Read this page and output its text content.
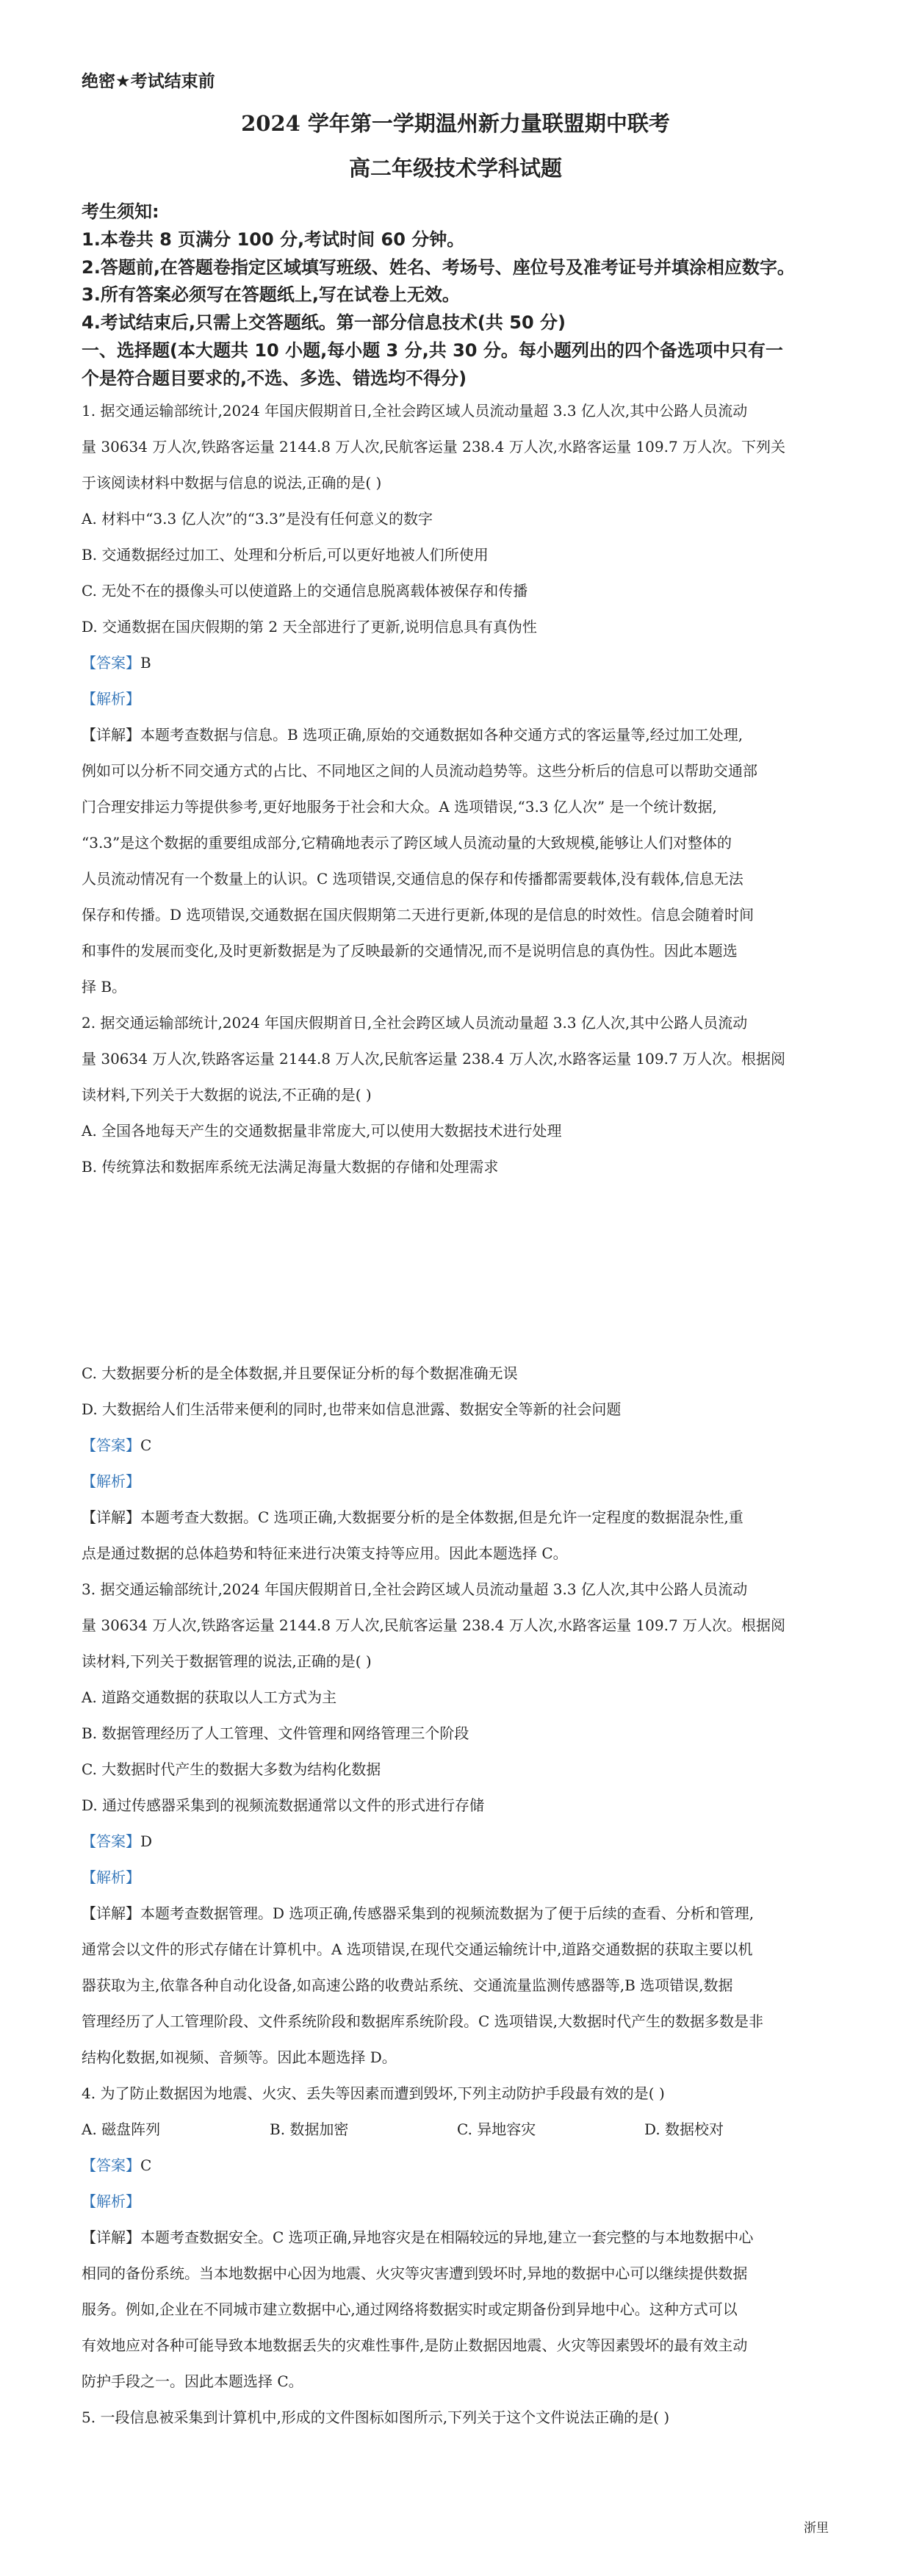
绝密★考试结束前
2024 学年第一学期温州新力量联盟期中联考
高二年级技术学科试题
考生须知:
1.本卷共 8 页满分 100 分,考试时间 60 分钟。
2.答题前,在答题卷指定区域填写班级、姓名、考场号、座位号及准考证号并填涂相应数字。
3.所有答案必须写在答题纸上,写在试卷上无效。
4.考试结束后,只需上交答题纸。第一部分信息技术(共 50 分)
一、选择题(本大题共 10 小题,每小题 3 分,共 30 分。每小题列出的四个备选项中只有一
个是符合题目要求的,不选、多选、错选均不得分)
1. 据交通运输部统计,2024 年国庆假期首日,全社会跨区域人员流动量超 3.3 亿人次,其中公路人员流动
量 30634 万人次,铁路客运量 2144.8 万人次,民航客运量 238.4 万人次,水路客运量 109.7 万人次。下列关
于该阅读材料中数据与信息的说法,正确的是( )
A. 材料中“3.3 亿人次”的“3.3”是没有任何意义的数字
B. 交通数据经过加工、处理和分析后,可以更好地被人们所使用
C. 无处不在的摄像头可以使道路上的交通信息脱离载体被保存和传播
D. 交通数据在国庆假期的第 2 天全部进行了更新,说明信息具有真伪性
【答案】B
【解析】
【详解】本题考查数据与信息。B 选项正确,原始的交通数据如各种交通方式的客运量等,经过加工处理,
例如可以分析不同交通方式的占比、不同地区之间的人员流动趋势等。这些分析后的信息可以帮助交通部
门合理安排运力等提供参考,更好地服务于社会和大众。A 选项错误,“3.3 亿人次” 是一个统计数据,
“3.3”是这个数据的重要组成部分,它精确地表示了跨区域人员流动量的大致规模,能够让人们对整体的
人员流动情况有一个数量上的认识。C 选项错误,交通信息的保存和传播都需要载体,没有载体,信息无法
保存和传播。D 选项错误,交通数据在国庆假期第二天进行更新,体现的是信息的时效性。信息会随着时间
和事件的发展而变化,及时更新数据是为了反映最新的交通情况,而不是说明信息的真伪性。因此本题选
择 B。
2. 据交通运输部统计,2024 年国庆假期首日,全社会跨区域人员流动量超 3.3 亿人次,其中公路人员流动
量 30634 万人次,铁路客运量 2144.8 万人次,民航客运量 238.4 万人次,水路客运量 109.7 万人次。根据阅
读材料,下列关于大数据的说法,不正确的是( )
A. 全国各地每天产生的交通数据量非常庞大,可以使用大数据技术进行处理
B. 传统算法和数据库系统无法满足海量大数据的存储和处理需求
C. 大数据要分析的是全体数据,并且要保证分析的每个数据准确无误
D. 大数据给人们生活带来便利的同时,也带来如信息泄露、数据安全等新的社会问题
【答案】C
【解析】
【详解】本题考查大数据。C 选项正确,大数据要分析的是全体数据,但是允许一定程度的数据混杂性,重
点是通过数据的总体趋势和特征来进行决策支持等应用。因此本题选择 C。
3. 据交通运输部统计,2024 年国庆假期首日,全社会跨区域人员流动量超 3.3 亿人次,其中公路人员流动
量 30634 万人次,铁路客运量 2144.8 万人次,民航客运量 238.4 万人次,水路客运量 109.7 万人次。根据阅
读材料,下列关于数据管理的说法,正确的是( )
A. 道路交通数据的获取以人工方式为主
B. 数据管理经历了人工管理、文件管理和网络管理三个阶段
C. 大数据时代产生的数据大多数为结构化数据
D. 通过传感器采集到的视频流数据通常以文件的形式进行存储
【答案】D
【解析】
【详解】本题考查数据管理。D 选项正确,传感器采集到的视频流数据为了便于后续的查看、分析和管理,
通常会以文件的形式存储在计算机中。A 选项错误,在现代交通运输统计中,道路交通数据的获取主要以机
器获取为主,依靠各种自动化设备,如高速公路的收费站系统、交通流量监测传感器等,B 选项错误,数据
管理经历了人工管理阶段、文件系统阶段和数据库系统阶段。C 选项错误,大数据时代产生的数据多数是非
结构化数据,如视频、音频等。因此本题选择 D。
4. 为了防止数据因为地震、火灾、丢失等因素而遭到毁坏,下列主动防护手段最有效的是( )
A. 磁盘阵列	B. 数据加密	C. 异地容灾	D. 数据校对
【答案】C
【解析】
【详解】本题考查数据安全。C 选项正确,异地容灾是在相隔较远的异地,建立一套完整的与本地数据中心
相同的备份系统。当本地数据中心因为地震、火灾等灾害遭到毁坏时,异地的数据中心可以继续提供数据
服务。例如,企业在不同城市建立数据中心,通过网络将数据实时或定期备份到异地中心。这种方式可以
有效地应对各种可能导致本地数据丢失的灾难性事件,是防止数据因地震、火灾等因素毁坏的最有效主动
防护手段之一。因此本题选择 C。
5. 一段信息被采集到计算机中,形成的文件图标如图所示,下列关于这个文件说法正确的是( )
浙里
